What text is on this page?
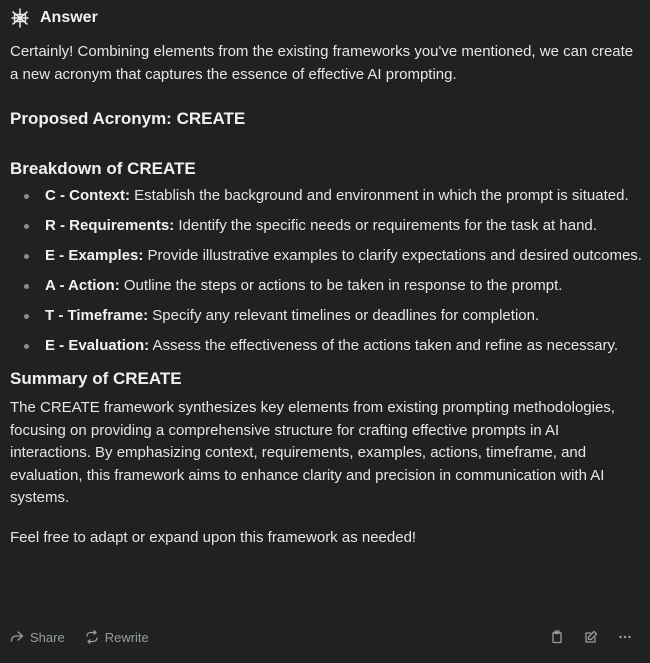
Answer

Certainly! Combining elements from the existing frameworks you've mentioned, we can create a new acronym that captures the essence of effective AI prompting.

Proposed Acronym: CREATE
Breakdown of CREATE
C - Context: Establish the background and environment in which the prompt is situated.
R - Requirements: Identify the specific needs or requirements for the task at hand.
E - Examples: Provide illustrative examples to clarify expectations and desired outcomes.
A - Action: Outline the steps or actions to be taken in response to the prompt.
T - Timeframe: Specify any relevant timelines or deadlines for completion.
E - Evaluation: Assess the effectiveness of the actions taken and refine as necessary.
Summary of CREATE

The CREATE framework synthesizes key elements from existing prompting methodologies, focusing on providing a comprehensive structure for crafting effective prompts in AI interactions. By emphasizing context, requirements, examples, actions, timeframe, and evaluation, this framework aims to enhance clarity and precision in communication with AI systems.

Feel free to adapt or expand upon this framework as needed!

Share	Rewrite
